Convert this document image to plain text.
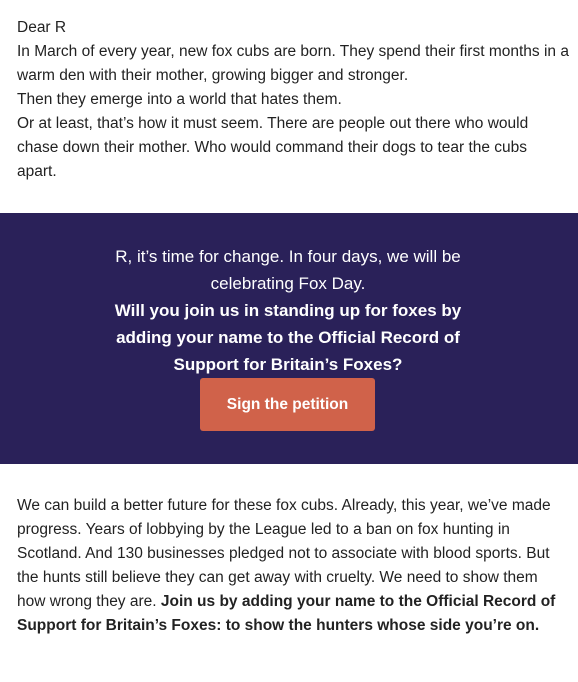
Dear R

In March of every year, new fox cubs are born. They spend their first months in a warm den with their mother, growing bigger and stronger.

Then they emerge into a world that hates them.

Or at least, that’s how it must seem. There are people out there who would chase down their mother. Who would command their dogs to tear the cubs apart.

R, it’s time for change. In four days, we will be celebrating Fox Day.

Will you join us in standing up for foxes by adding your name to the Official Record of Support for Britain’s Foxes?

Sign the petition

We can build a better future for these fox cubs. Already, this year, we’ve made progress. Years of lobbying by the League led to a ban on fox hunting in Scotland. And 130 businesses pledged not to associate with blood sports. But the hunts still believe they can get away with cruelty. We need to show them how wrong they are. Join us by adding your name to the Official Record of Support for Britain’s Foxes: to show the hunters whose side you’re on.
